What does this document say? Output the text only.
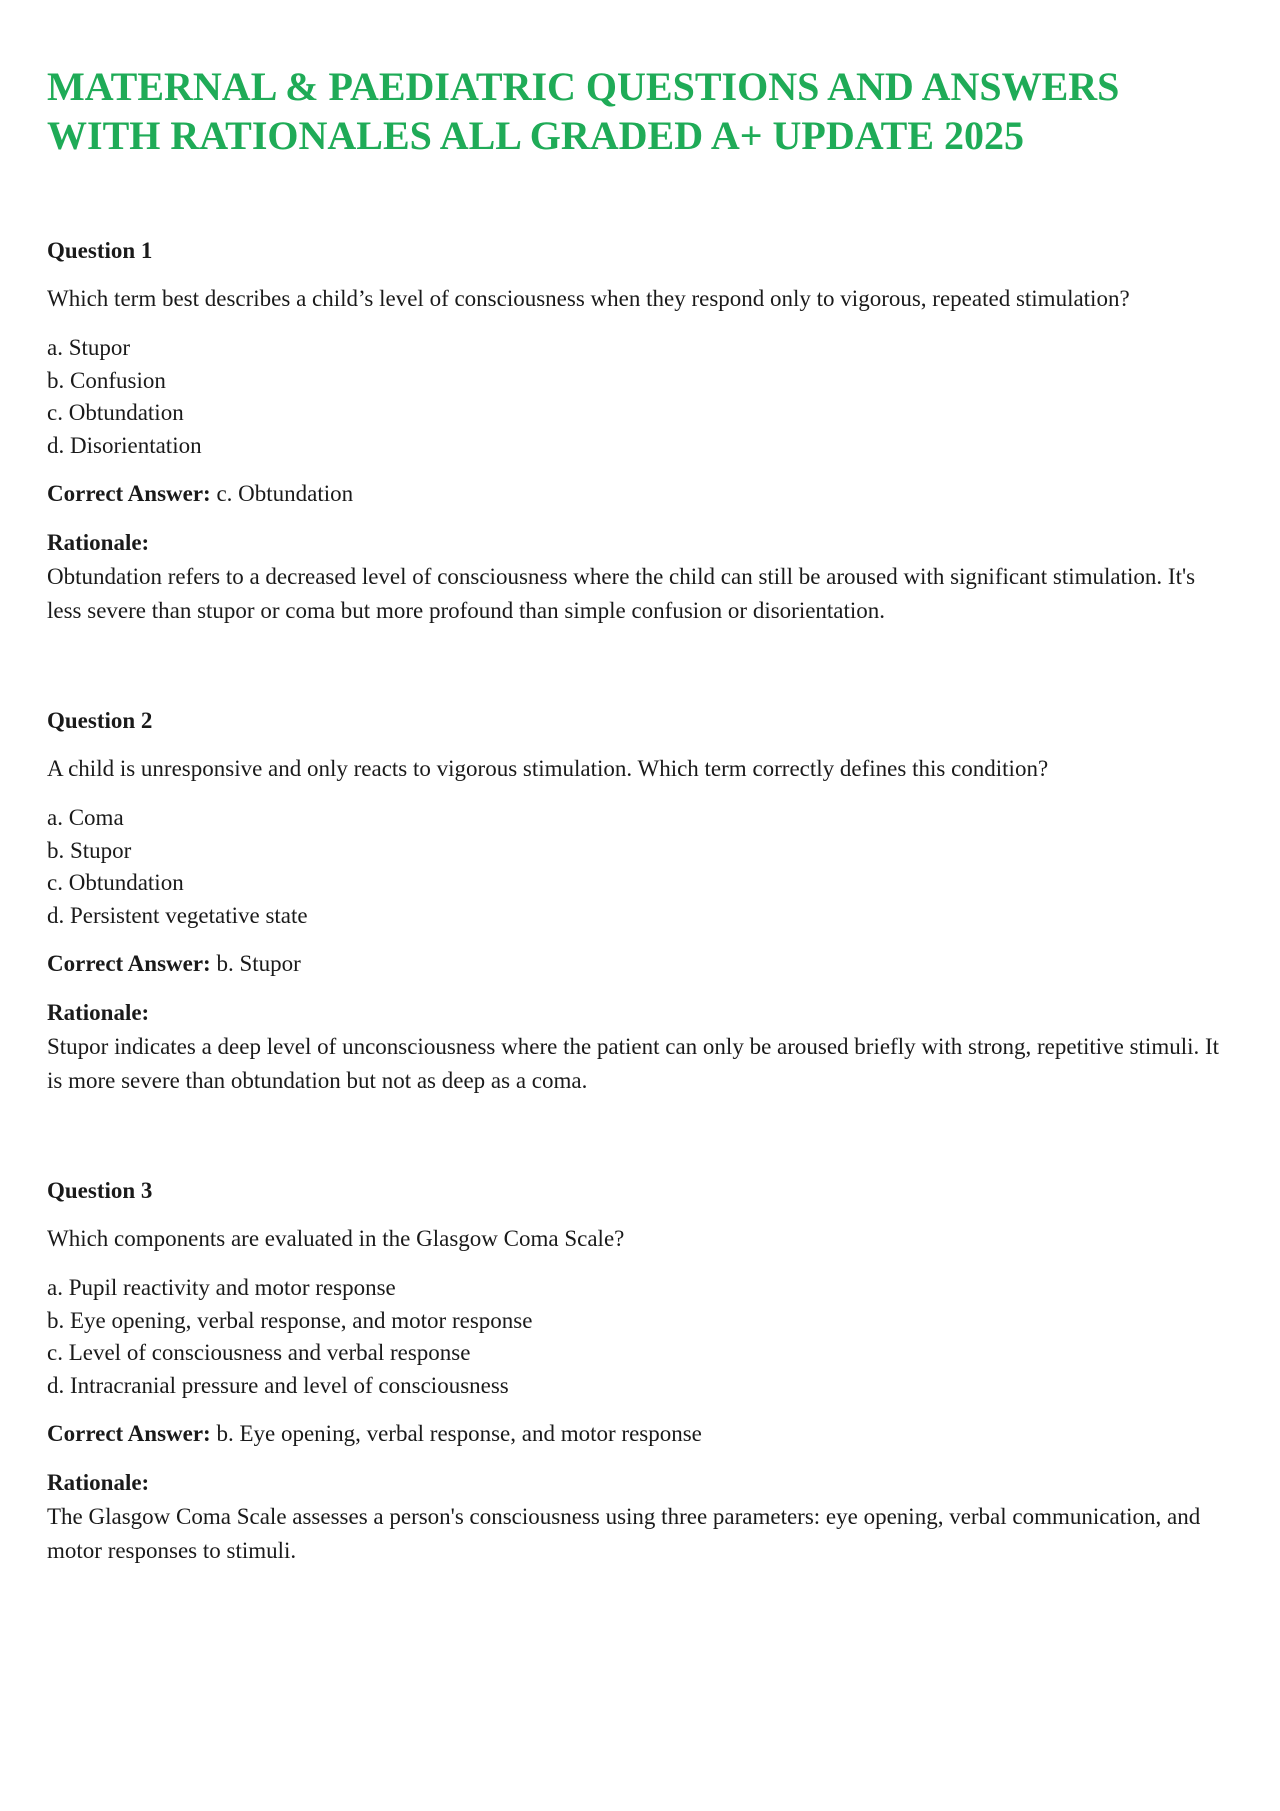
MATERNAL & PAEDIATRIC QUESTIONS AND ANSWERS WITH RATIONALES ALL GRADED A+ UPDATE 2025

Question 1

Which term best describes a child’s level of consciousness when they respond only to vigorous, repeated stimulation?

a. Stupor
b. Confusion
c. Obtundation
d. Disorientation

Correct Answer: c. Obtundation

Rationale:

Obtundation refers to a decreased level of consciousness where the child can still be aroused with significant stimulation. It's less severe than stupor or coma but more profound than simple confusion or disorientation.

Question 2

A child is unresponsive and only reacts to vigorous stimulation. Which term correctly defines this condition?

a. Coma
b. Stupor
c. Obtundation
d. Persistent vegetative state

Correct Answer: b. Stupor

Rationale:

Stupor indicates a deep level of unconsciousness where the patient can only be aroused briefly with strong, repetitive stimuli. It is more severe than obtundation but not as deep as a coma.

Question 3

Which components are evaluated in the Glasgow Coma Scale?

a. Pupil reactivity and motor response
b. Eye opening, verbal response, and motor response
c. Level of consciousness and verbal response
d. Intracranial pressure and level of consciousness

Correct Answer: b. Eye opening, verbal response, and motor response

Rationale:

The Glasgow Coma Scale assesses a person's consciousness using three parameters: eye opening, verbal communication, and motor responses to stimuli.
